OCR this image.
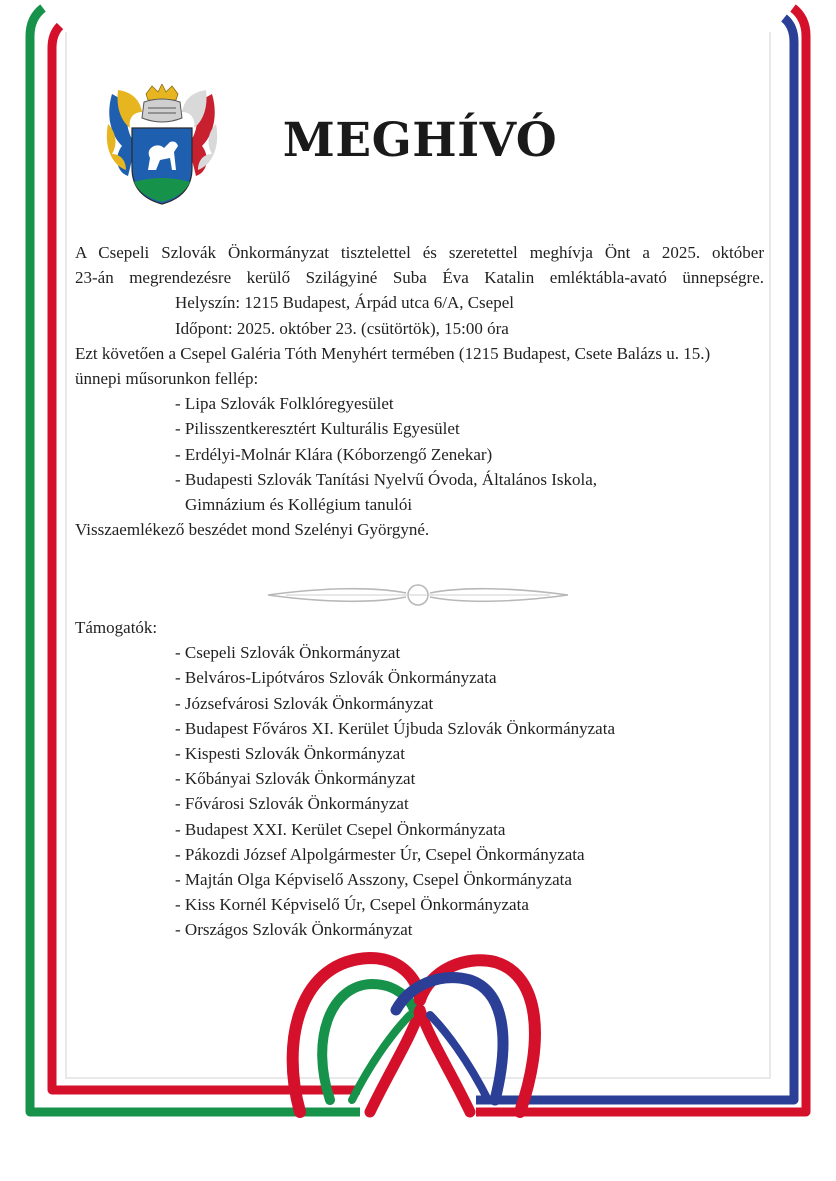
MEGHÍVÓ

A Csepeli Szlovák Önkormányzat tisztelettel és szeretettel meghívja Önt a 2025. október

23-án megrendezésre kerülő Szilágyiné Suba Éva Katalin emléktábla-avató ünnepségre.

Helyszín: 1215 Budapest, Árpád utca 6/A, Csepel

Időpont: 2025. október 23. (csütörtök), 15:00 óra

Ezt követően a Csepel Galéria Tóth Menyhért termében (1215 Budapest, Csete Balázs u. 15.)

ünnepi műsorunkon fellép:

- Lipa Szlovák Folklóregyesület
- Pilisszentkeresztért Kulturális Egyesület
- Erdélyi-Molnár Klára (Kóborzengő Zenekar)
- Budapesti Szlovák Tanítási Nyelvű Óvoda, Általános Iskola,
Gimnázium és Kollégium tanulói

Visszaemlékező beszédet mond Szelényi Györgyné.

Támogatók:

- Csepeli Szlovák Önkormányzat
- Belváros-Lipótváros Szlovák Önkormányzata
- Józsefvárosi Szlovák Önkormányzat
- Budapest Főváros XI. Kerület Újbuda Szlovák Önkormányzata
- Kispesti Szlovák Önkormányzat
- Kőbányai Szlovák Önkormányzat
- Fővárosi Szlovák Önkormányzat
- Budapest XXI. Kerület Csepel Önkormányzata
- Pákozdi József Alpolgármester Úr, Csepel Önkormányzata
- Majtán Olga Képviselő Asszony, Csepel Önkormányzata
- Kiss Kornél Képviselő Úr, Csepel Önkormányzata
- Országos Szlovák Önkormányzat
